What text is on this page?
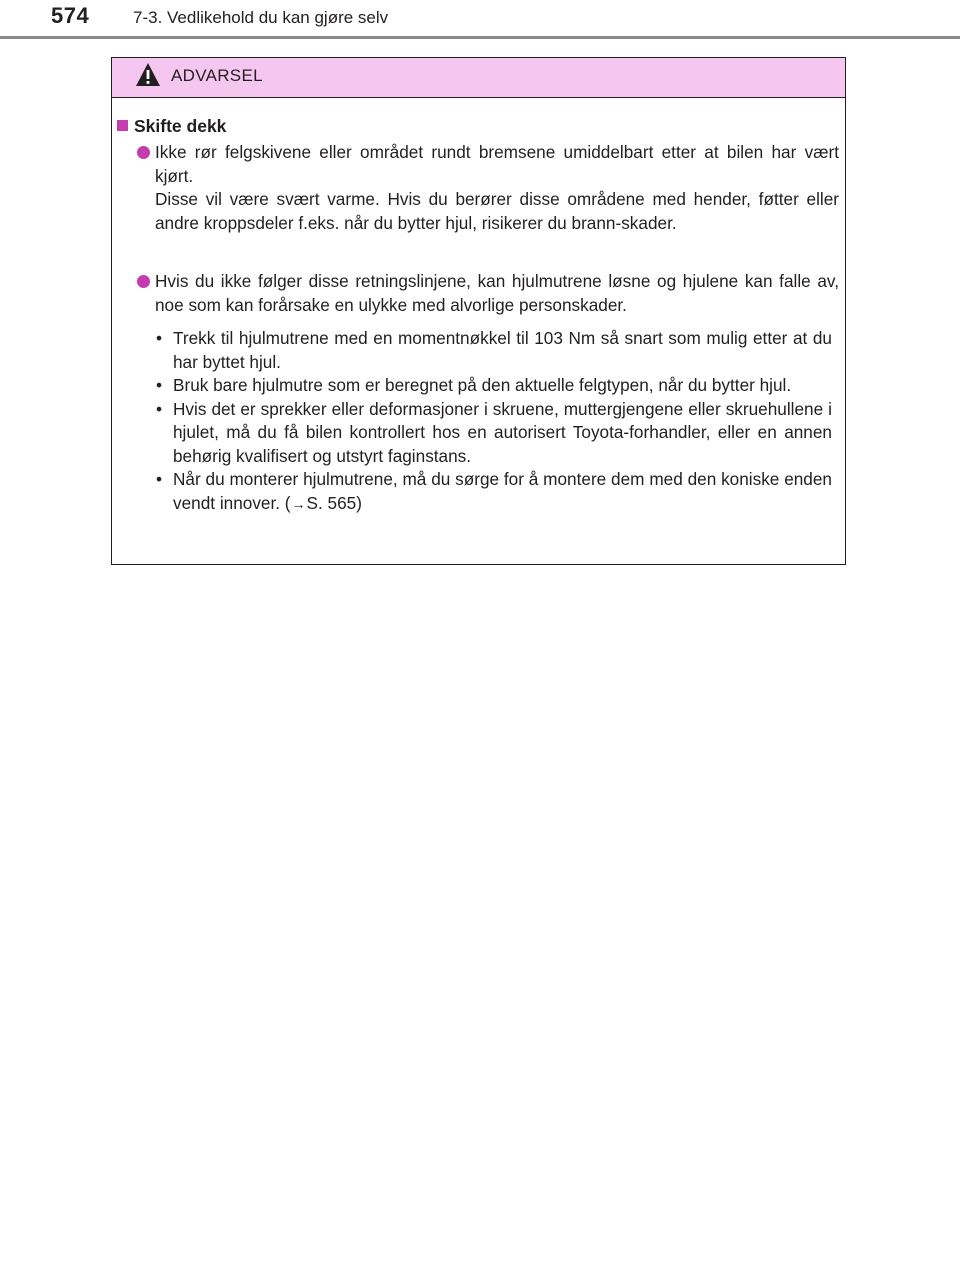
574	7-3. Vedlikehold du kan gjøre selv
ADVARSEL
Skifte dekk

Ikke rør felgskivene eller området rundt bremsene umiddelbart etter at bilen har vært kjørt.

Disse vil være svært varme. Hvis du berører disse områdene med hender, føtter eller andre kroppsdeler f.eks. når du bytter hjul, risikerer du brann-skader.

Hvis du ikke følger disse retningslinjene, kan hjulmutrene løsne og hjulene kan falle av, noe som kan forårsake en ulykke med alvorlige personskader.

• Trekk til hjulmutrene med en momentnøkkel til 103 Nm så snart som mulig etter at du har byttet hjul.
• Bruk bare hjulmutre som er beregnet på den aktuelle felgtypen, når du bytter hjul.
• Hvis det er sprekker eller deformasjoner i skruene, muttergjengene eller skruehullene i hjulet, må du få bilen kontrollert hos en autorisert Toyota-forhandler, eller en annen behørig kvalifisert og utstyrt faginstans.
• Når du monterer hjulmutrene, må du sørge for å montere dem med den koniske enden vendt innover. (→S. 565)
